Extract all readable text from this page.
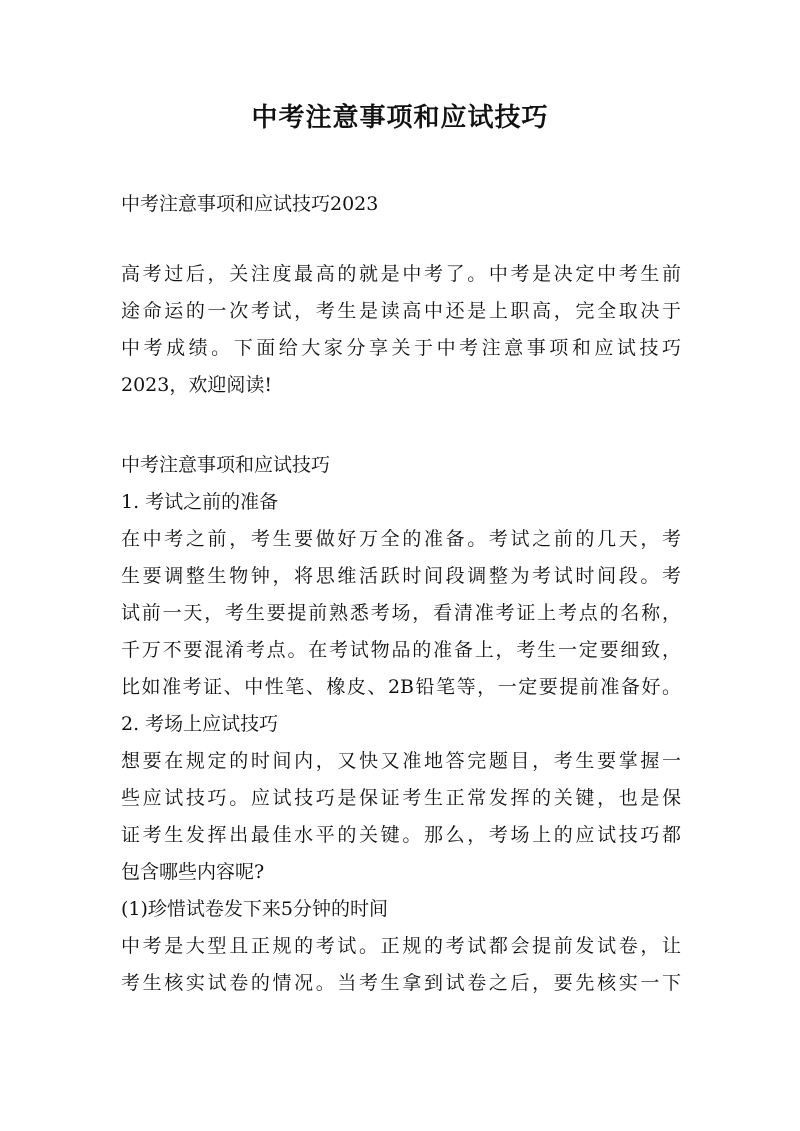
中考注意事项和应试技巧
中考注意事项和应试技巧2023
高考过后，关注度最高的就是中考了。中考是决定中考生前
途命运的一次考试，考生是读高中还是上职高，完全取决于
中考成绩。下面给大家分享关于中考注意事项和应试技巧
2023，欢迎阅读!
中考注意事项和应试技巧
1. 考试之前的准备
在中考之前，考生要做好万全的准备。考试之前的几天，考
生要调整生物钟，将思维活跃时间段调整为考试时间段。考
试前一天，考生要提前熟悉考场，看清准考证上考点的名称，
千万不要混淆考点。在考试物品的准备上，考生一定要细致，
比如准考证、中性笔、橡皮、2B铅笔等，一定要提前准备好。
2. 考场上应试技巧
想要在规定的时间内，又快又准地答完题目，考生要掌握一
些应试技巧。应试技巧是保证考生正常发挥的关键，也是保
证考生发挥出最佳水平的关键。那么，考场上的应试技巧都
包含哪些内容呢?
(1)珍惜试卷发下来5分钟的时间
中考是大型且正规的考试。正规的考试都会提前发试卷，让
考生核实试卷的情况。当考生拿到试卷之后，要先核实一下
